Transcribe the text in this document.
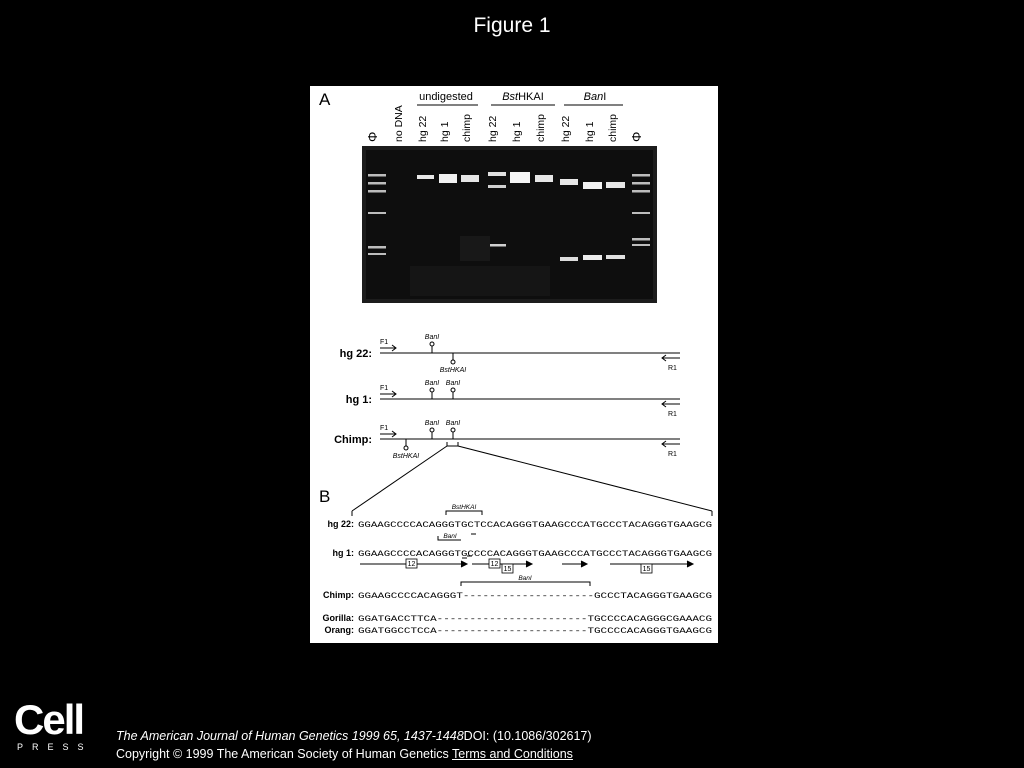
Figure 1
A	undigested	BstHKAI	BanI
Φ no DNA hg 22 hg 1 chimp hg 22 hg 1 chimp hg 22 hg 1 chimp Φ
hg 22:
hg 1:
Chimp:
F1
R1
F1
R1
F1
R1
BanI
BstHKAI
BanI BanI
BanI BanI
BstHKAI
B
BstHKAI
BanI
BanI
12	12
15	15
hg 22: GGAAGCCCCACAGGGTGCTCCACAGGGTGAAGCCCATGCCCTACAGGGTGAAGCG
hg 1: GGAAGCCCCACAGGGTGCCCCACAGGGTGAAGCCCATGCCCTACAGGGTGAAGCG
Chimp: GGAAGCCCCACAGGGT--------------------GCCCTACAGGGTGAAGCG
Gorilla: GGATGACCTTCA-----------------------TGCCCCACAGGGCGAAACG
Orang: GGATGGCCTCCA-----------------------TGCCCCACAGGGTGAAGCG
Cell
PRESS
The American Journal of Human Genetics 1999 65, 1437-1448DOI: (10.1086/302617)
Copyright © 1999 The American Society of Human Genetics Terms and Conditions
